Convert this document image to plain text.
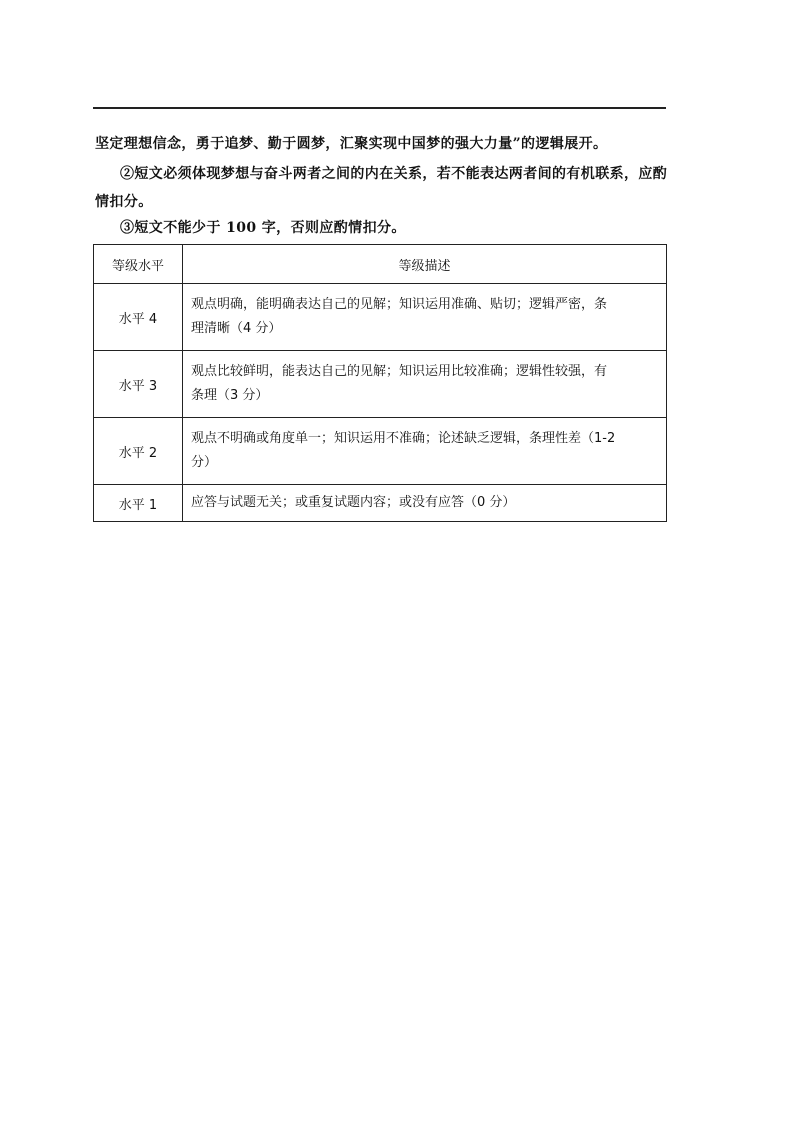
坚定理想信念，勇于追梦、勤于圆梦，汇聚实现中国梦的强大力量”的逻辑展开。
②短文必须体现梦想与奋斗两者之间的内在关系，若不能表达两者间的有机联系，应酌
情扣分。
③短文不能少于 100 字，否则应酌情扣分。
等级水平	等级描述
水平 4	观点明确，能明确表达自己的见解；知识运用准确、贴切；逻辑严密，条
理清晰（4 分）

水平 3	观点比较鲜明，能表达自己的见解；知识运用比较准确；逻辑性较强，有
条理（3 分）

水平 2	观点不明确或角度单一；知识运用不准确；论述缺乏逻辑，条理性差（1-2
分）

水平 1	应答与试题无关；或重复试题内容；或没有应答（0 分）
